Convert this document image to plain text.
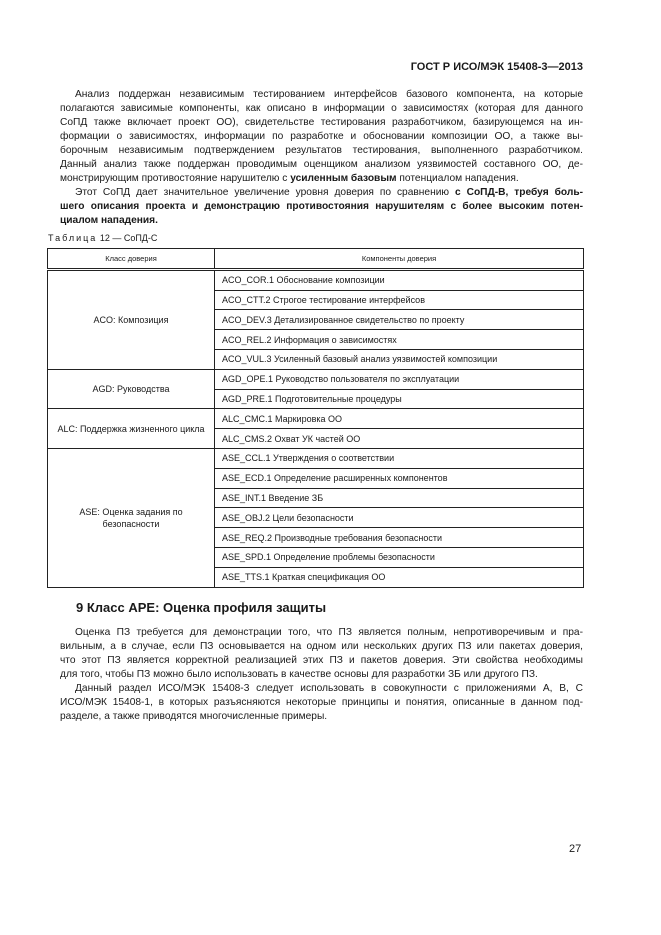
ГОСТ Р ИСО/МЭК 15408-3—2013
Анализ поддержан независимым тестированием интерфейсов базового компонента, на которые
полагаются зависимые компоненты, как описано в информации о зависимостях (которая для данного
СоПД также включает проект ОО), свидетельстве тестирования разработчиком, базирующемся на ин-
формации о зависимостях, информации по разработке и обосновании композиции ОО, а также вы-
борочным независимым подтверждением результатов тестирования, выполненного разработчиком.
Данный анализ также поддержан проводимым оценщиком анализом уязвимостей составного ОО, де-
монстрирующим противостояние нарушителю с усиленным базовым потенциалом нападения.
Этот СоПД дает значительное увеличение уровня доверия по сравнению с СоПД-В, требуя боль-
шего описания проекта и демонстрацию противостояния нарушителям с более высоким потен-
циалом нападения.
Таблица 12 — СоПД-С
Класс доверия	Компоненты доверия
ACO: Композиция	ACO_COR.1 Обоснование композиции
	ACO_CTT.2 Строгое тестирование интерфейсов
	ACO_DEV.3 Детализированное свидетельство по проекту
	ACO_REL.2 Информация о зависимостях
	ACO_VUL.3 Усиленный базовый анализ уязвимостей композиции
AGD: Руководства	AGD_OPE.1 Руководство пользователя по эксплуатации
	AGD_PRE.1 Подготовительные процедуры
ALC: Поддержка жизненного цикла	ALC_CMC.1 Маркировка ОО
	ALC_CMS.2 Охват УК частей ОО
ASE: Оценка задания по безопасности	ASE_CCL.1 Утверждения о соответствии
	ASE_ECD.1 Определение расширенных компонентов
	ASE_INT.1 Введение ЗБ
	ASE_OBJ.2 Цели безопасности
	ASE_REQ.2 Производные требования безопасности
	ASE_SPD.1 Определение проблемы безопасности
	ASE_TTS.1 Краткая спецификация ОО
9 Класс APE: Оценка профиля защиты
Оценка ПЗ требуется для демонстрации того, что ПЗ является полным, непротиворечивым и пра-
вильным, а в случае, если ПЗ основывается на одном или нескольких других ПЗ или пакетах доверия,
что этот ПЗ является корректной реализацией этих ПЗ и пакетов доверия. Эти свойства необходимы
для того, чтобы ПЗ можно было использовать в качестве основы для разработки ЗБ или другого ПЗ.
Данный раздел ИСО/МЭК 15408-3 следует использовать в совокупности с приложениями А, В, С
ИСО/МЭК 15408-1, в которых разъясняются некоторые принципы и понятия, описанные в данном под-
разделе, а также приводятся многочисленные примеры.
27
